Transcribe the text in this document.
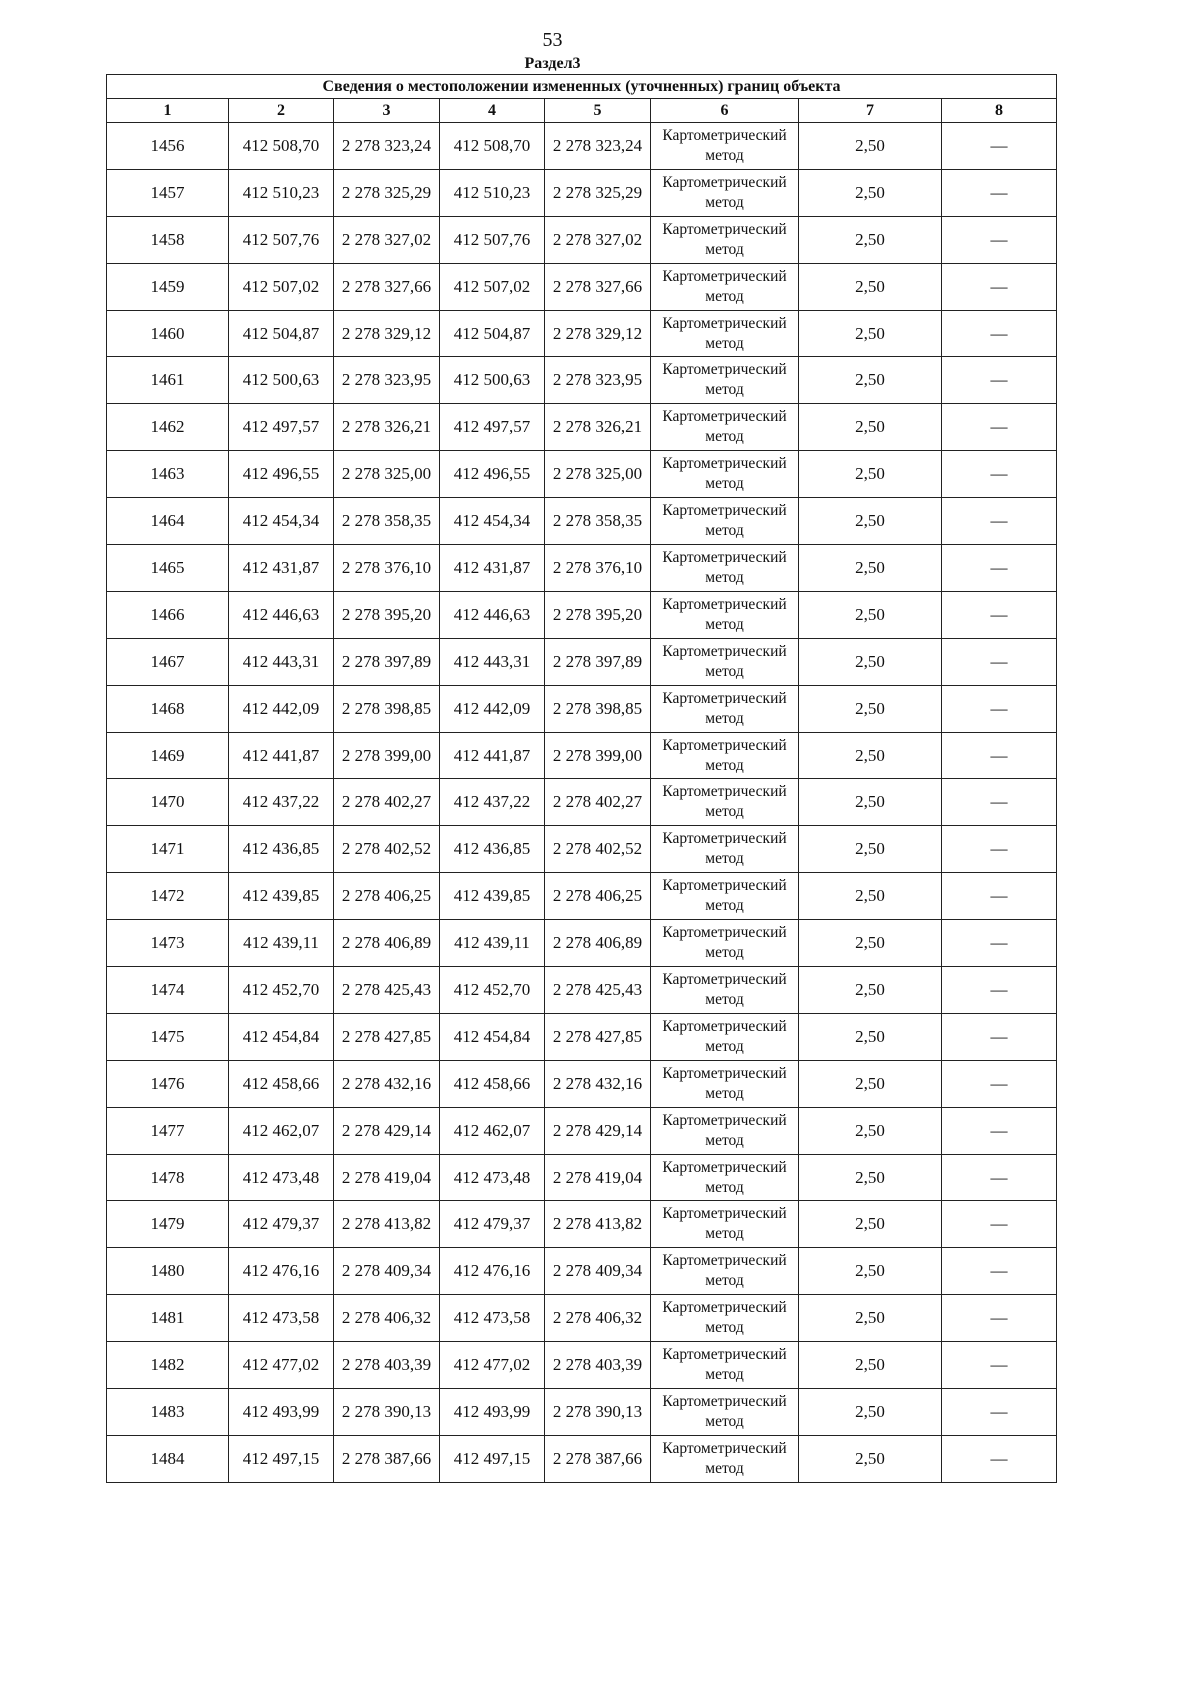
53
Раздел3
Сведения о местоположении измененных (уточненных) границ объекта							
1	2	3	4	5	6	7	8
1456	412 508,70	2 278 323,24	412 508,70	2 278 323,24	Картометрический метод	2,50	—
1457	412 510,23	2 278 325,29	412 510,23	2 278 325,29	Картометрический метод	2,50	—
1458	412 507,76	2 278 327,02	412 507,76	2 278 327,02	Картометрический метод	2,50	—
1459	412 507,02	2 278 327,66	412 507,02	2 278 327,66	Картометрический метод	2,50	—
1460	412 504,87	2 278 329,12	412 504,87	2 278 329,12	Картометрический метод	2,50	—
1461	412 500,63	2 278 323,95	412 500,63	2 278 323,95	Картометрический метод	2,50	—
1462	412 497,57	2 278 326,21	412 497,57	2 278 326,21	Картометрический метод	2,50	—
1463	412 496,55	2 278 325,00	412 496,55	2 278 325,00	Картометрический метод	2,50	—
1464	412 454,34	2 278 358,35	412 454,34	2 278 358,35	Картометрический метод	2,50	—
1465	412 431,87	2 278 376,10	412 431,87	2 278 376,10	Картометрический метод	2,50	—
1466	412 446,63	2 278 395,20	412 446,63	2 278 395,20	Картометрический метод	2,50	—
1467	412 443,31	2 278 397,89	412 443,31	2 278 397,89	Картометрический метод	2,50	—
1468	412 442,09	2 278 398,85	412 442,09	2 278 398,85	Картометрический метод	2,50	—
1469	412 441,87	2 278 399,00	412 441,87	2 278 399,00	Картометрический метод	2,50	—
1470	412 437,22	2 278 402,27	412 437,22	2 278 402,27	Картометрический метод	2,50	—
1471	412 436,85	2 278 402,52	412 436,85	2 278 402,52	Картометрический метод	2,50	—
1472	412 439,85	2 278 406,25	412 439,85	2 278 406,25	Картометрический метод	2,50	—
1473	412 439,11	2 278 406,89	412 439,11	2 278 406,89	Картометрический метод	2,50	—
1474	412 452,70	2 278 425,43	412 452,70	2 278 425,43	Картометрический метод	2,50	—
1475	412 454,84	2 278 427,85	412 454,84	2 278 427,85	Картометрический метод	2,50	—
1476	412 458,66	2 278 432,16	412 458,66	2 278 432,16	Картометрический метод	2,50	—
1477	412 462,07	2 278 429,14	412 462,07	2 278 429,14	Картометрический метод	2,50	—
1478	412 473,48	2 278 419,04	412 473,48	2 278 419,04	Картометрический метод	2,50	—
1479	412 479,37	2 278 413,82	412 479,37	2 278 413,82	Картометрический метод	2,50	—
1480	412 476,16	2 278 409,34	412 476,16	2 278 409,34	Картометрический метод	2,50	—
1481	412 473,58	2 278 406,32	412 473,58	2 278 406,32	Картометрический метод	2,50	—
1482	412 477,02	2 278 403,39	412 477,02	2 278 403,39	Картометрический метод	2,50	—
1483	412 493,99	2 278 390,13	412 493,99	2 278 390,13	Картометрический метод	2,50	—
1484	412 497,15	2 278 387,66	412 497,15	2 278 387,66	Картометрический метод	2,50	—
